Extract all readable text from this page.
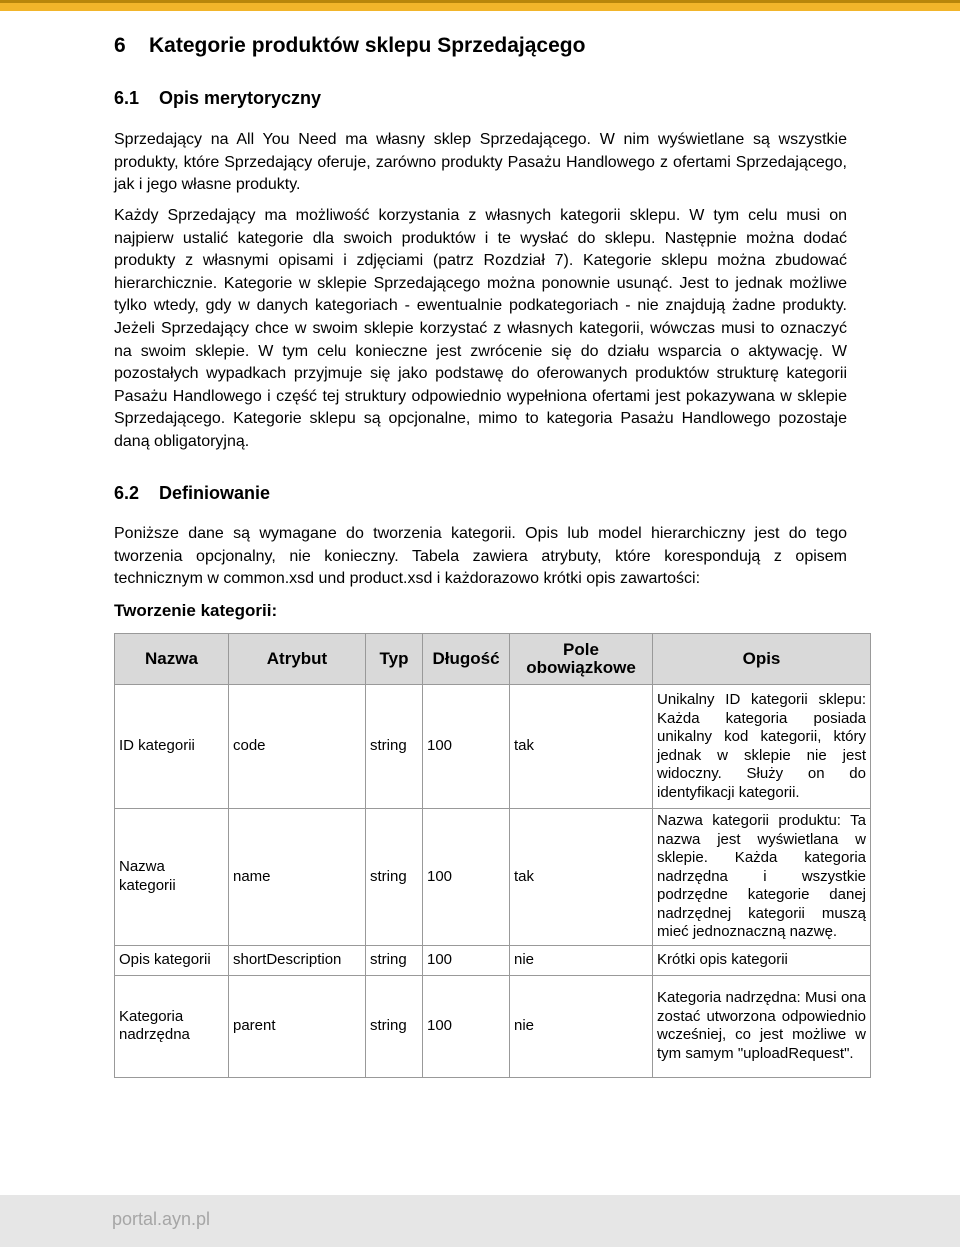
6 Kategorie produktów sklepu Sprzedającego
6.1 Opis merytoryczny

Sprzedający na All You Need ma własny sklep Sprzedającego. W nim wyświetlane są wszystkie produkty, które Sprzedający oferuje, zarówno produkty Pasażu Handlowego z ofertami Sprzedającego, jak i jego własne produkty.

Każdy Sprzedający ma możliwość korzystania z własnych kategorii sklepu. W tym celu musi on najpierw ustalić kategorie dla swoich produktów i te wysłać do sklepu. Następnie można dodać produkty z własnymi opisami i zdjęciami (patrz Rozdział 7). Kategorie sklepu można zbudować hierarchicznie. Kategorie w sklepie Sprzedającego można ponownie usunąć. Jest to jednak możliwe tylko wtedy, gdy w danych kategoriach - ewentualnie podkategoriach - nie znajdują żadne produkty. Jeżeli Sprzedający chce w swoim sklepie korzystać z własnych kategorii, wówczas musi to oznaczyć na swoim sklepie. W tym celu konieczne jest zwrócenie się do działu wsparcia o aktywację. W pozostałych wypadkach przyjmuje się jako podstawę do oferowanych produktów strukturę kategorii Pasażu Handlowego i część tej struktury odpowiednio wypełniona ofertami jest pokazywana w sklepie Sprzedającego. Kategorie sklepu są opcjonalne, mimo to kategoria Pasażu Handlowego pozostaje daną obligatoryjną.

6.2 Definiowanie

Poniższe dane są wymagane do tworzenia kategorii. Opis lub model hierarchiczny jest do tego tworzenia opcjonalny, nie konieczny. Tabela zawiera atrybuty, które korespondują z opisem technicznym w common.xsd und product.xsd i każdorazowo krótki opis zawartości:

Tworzenie kategorii:
Nazwa	Atrybut	Typ	Długość	Pole obowiązkowe	Opis
ID kategorii	code	string	100	tak	Unikalny ID kategorii sklepu: Każda kategoria posiada unikalny kod kategorii, który jednak w sklepie nie jest widoczny. Służy on do identyfikacji kategorii.
Nazwa kategorii	name	string	100	tak	Nazwa kategorii produktu: Ta nazwa jest wyświetlana w sklepie. Każda kategoria nadrzędna i wszystkie podrzędne kategorie danej nadrzędnej kategorii muszą mieć jednoznaczną nazwę.
Opis kategorii	shortDescription	string	100	nie	Krótki opis kategorii
Kategoria nadrzędna	parent	string	100	nie	Kategoria nadrzędna: Musi ona zostać utworzona odpowiednio wcześniej, co jest możliwe w tym samym "uploadRequest".
portal.ayn.pl
